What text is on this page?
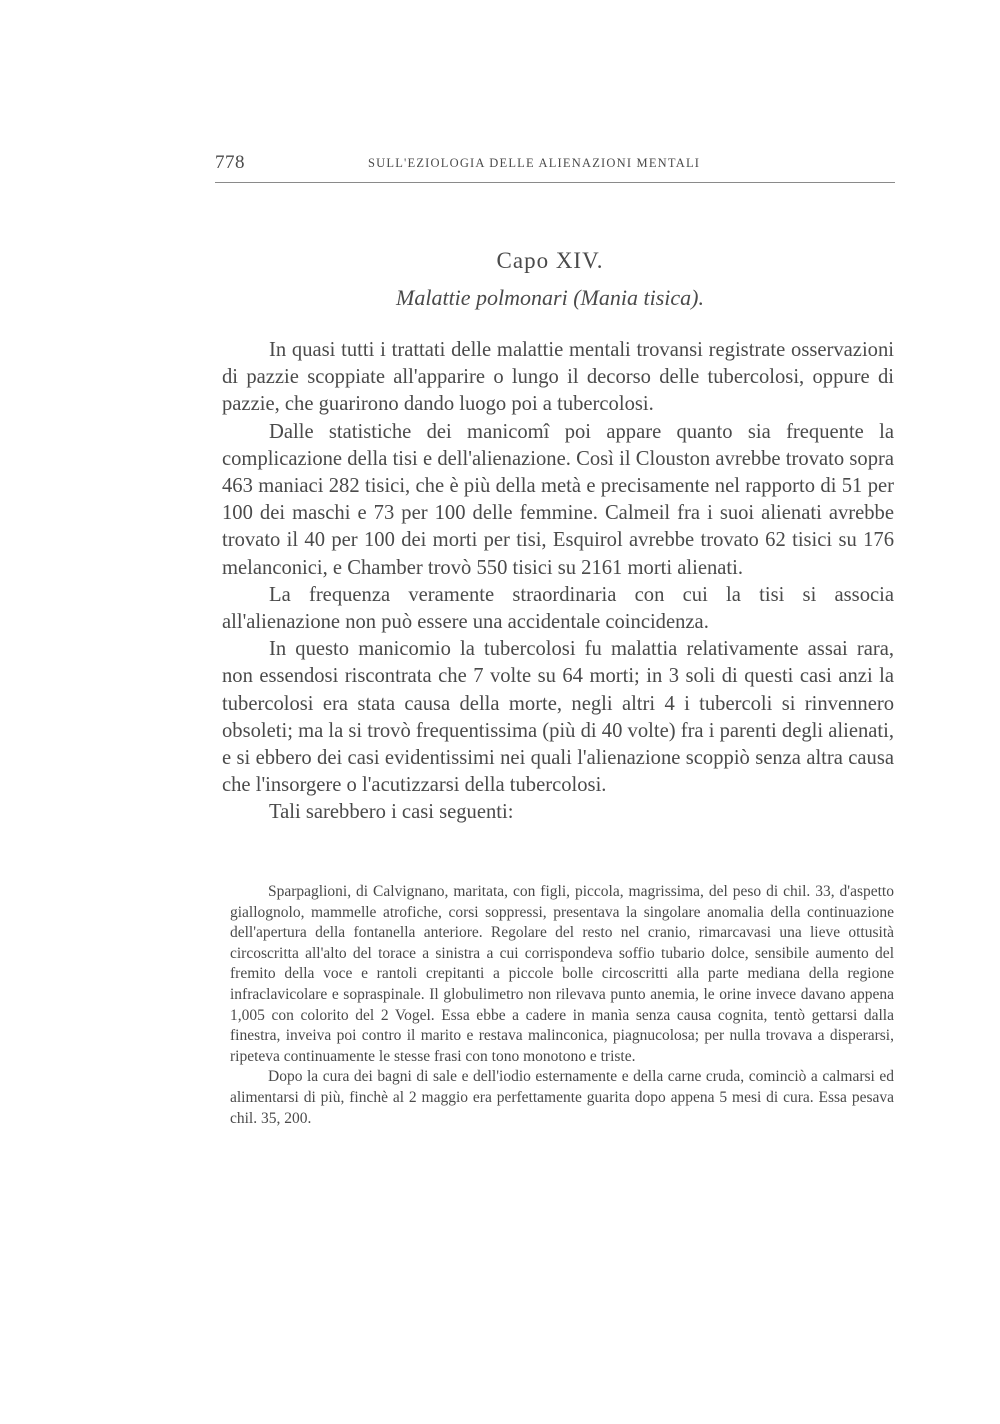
778	SULL'EZIOLOGIA DELLE ALIENAZIONI MENTALI
Capo XIV.
Malattie polmonari (Mania tisica).

In quasi tutti i trattati delle malattie mentali trovansi registrate osservazioni di pazzie scoppiate all'apparire o lungo il decorso delle tubercolosi, oppure di pazzie, che guarirono dando luogo poi a tubercolosi.

Dalle statistiche dei manicomî poi appare quanto sia frequente la complicazione della tisi e dell'alienazione. Così il Clouston avrebbe trovato sopra 463 maniaci 282 tisici, che è più della metà e precisamente nel rapporto di 51 per 100 dei maschi e 73 per 100 delle femmine. Calmeil fra i suoi alienati avrebbe trovato il 40 per 100 dei morti per tisi, Esquirol avrebbe trovato 62 tisici su 176 melanconici, e Chamber trovò 550 tisici su 2161 morti alienati.

La frequenza veramente straordinaria con cui la tisi si associa all'alienazione non può essere una accidentale coincidenza.

In questo manicomio la tubercolosi fu malattia relativamente assai rara, non essendosi riscontrata che 7 volte su 64 morti; in 3 soli di questi casi anzi la tubercolosi era stata causa della morte, negli altri 4 i tubercoli si rinvennero obsoleti; ma la si trovò frequentissima (più di 40 volte) fra i parenti degli alienati, e si ebbero dei casi evidentissimi nei quali l'alienazione scoppiò senza altra causa che l'insorgere o l'acutizzarsi della tubercolosi.

Tali sarebbero i casi seguenti:

Sparpaglioni, di Calvignano, maritata, con figli, piccola, magrissima, del peso di chil. 33, d'aspetto giallognolo, mammelle atrofiche, corsi soppressi, presentava la singolare anomalia della continuazione dell'apertura della fontanella anteriore. Regolare del resto nel cranio, rimarcavasi una lieve ottusità circoscritta all'alto del torace a sinistra a cui corrispondeva soffio tubario dolce, sensibile aumento del fremito della voce e rantoli crepitanti a piccole bolle circoscritti alla parte mediana della regione infraclavicolare e sopraspinale. Il globulimetro non rilevava punto anemia, le orine invece davano appena 1,005 con colorito del 2 Vogel. Essa ebbe a cadere in manìa senza causa cognita, tentò gettarsi dalla finestra, inveiva poi contro il marito e restava malinconica, piagnucolosa; per nulla trovava a disperarsi, ripeteva continuamente le stesse frasi con tono monotono e triste.

Dopo la cura dei bagni di sale e dell'iodio esternamente e della carne cruda, cominciò a calmarsi ed alimentarsi di più, finchè al 2 maggio era perfettamente guarita dopo appena 5 mesi di cura. Essa pesava chil. 35, 200.
